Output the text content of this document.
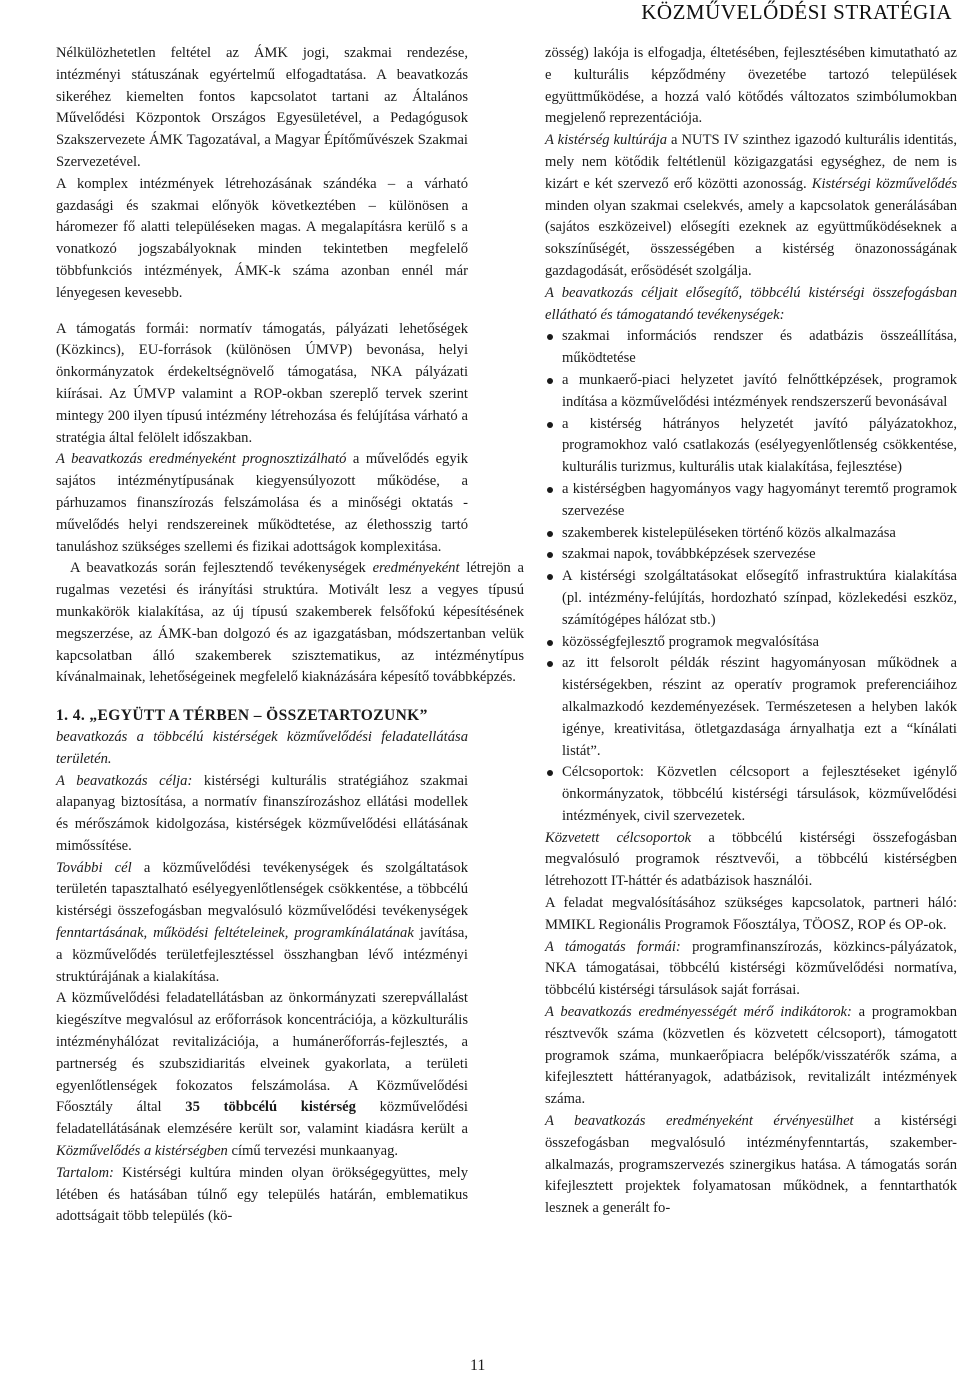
KÖZMŰVELŐDÉSI STRATÉGIA

Nélkülözhetetlen feltétel az ÁMK jogi, szakmai rendezése, intézményi státuszának egyértelmű elfogadtatása. A beavatkozás sikeréhez kiemelten fontos kapcsolatot tartani az Általános Művelődési Központok Országos Egyesületével, a Pedagógusok Szakszervezete ÁMK Tagozatával, a Magyar Építőművészek Szakmai Szervezetével.

A komplex intézmények létrehozásának szándéka – a várható gazdasági és szakmai előnyök következtében – különösen a háromezer fő alatti településeken magas. A megalapításra kerülő s a vonatkozó jogszabályoknak minden tekintetben megfelelő többfunkciós intézmények, ÁMK-k száma azonban ennél már lényegesen kevesebb.

A támogatás formái: normatív támogatás, pályázati lehetőségek (Közkincs), EU-források (különösen ÚMVP) bevonása, helyi önkormányzatok érdekeltségnövelő támogatása, NKA pályázati kiírásai. Az ÚMVP valamint a ROP-okban szereplő tervek szerint mintegy 200 ilyen típusú intézmény létrehozása és felújítása várható a stratégia által felölelt időszakban.

A beavatkozás eredményeként prognosztizálható a művelődés egyik sajátos intézménytípusának kiegyensúlyozott működése, a párhuzamos finanszírozás felszámolása és a minőségi oktatás - művelődés helyi rendszereinek működtetése, az élethosszig tartó tanuláshoz szükséges szellemi és fizikai adottságok komplexitása.

A beavatkozás során fejlesztendő tevékenységek eredményeként létrejön a rugalmas vezetési és irányítási struktúra. Motivált lesz a vegyes típusú munkakörök kialakítása, az új típusú szakemberek felsőfokú képesítésének megszerzése, az ÁMK-ban dolgozó és az igazgatásban, módszertanban velük kapcsolatban álló szakemberek szisztematikus, az intézménytípus kívánalmainak, lehetőségeinek megfelelő kiaknázására képesítő továbbképzés.

1. 4. „EGYÜTT A TÉRBEN – ÖSSZETARTOZUNK”

beavatkozás a többcélú kistérségek közművelődési feladatellátása területén.

A beavatkozás célja: kistérségi kulturális stratégiához szakmai alapanyag biztosítása, a normatív finanszírozáshoz ellátási modellek és mérőszámok kidolgozása, kistérségek közművelődési ellátásának mimőssítése.

További cél a közművelődési tevékenységek és szolgáltatások területén tapasztalható esélyegyenlőtlenségek csökkentése, a többcélú kistérségi összefogásban megvalósuló közművelődési tevékenységek fenntartásának, működési feltételeinek, programkínálatának javítása, a közművelődés területfejlesztéssel összhangban lévő intézményi struktúrájának a kialakítása.

A közművelődési feladatellátásban az önkormányzati szerepvállalást kiegészítve megvalósul az erőforrások koncentrációja, a közkulturális intézményhálózat revitalizációja, a humánerőforrás-fejlesztés, a partnerség és szubszidiaritás elveinek gyakorlata, a területi egyenlőtlenségek fokozatos felszámolása. A Közművelődési Főosztály által 35 többcélú kistérség közművelődési feladatellátásának elemzésére került sor, valamint kiadásra került a Közművelődés a kistérségben című tervezési munkaanyag.

Tartalom: Kistérségi kultúra minden olyan örökségegyüttes, mely létében és hatásában túlnő egy település határán, emblematikus adottságait több település (kö-

zösség) lakója is elfogadja, éltetésében, fejlesztésében kimutatható az e kulturális képződmény övezetébe tartozó települések együttműködése, a hozzá való kötődés változatos szimbólumokban megjelenő reprezentációja.

A kistérség kultúrája a NUTS IV szinthez igazodó kulturális identitás, mely nem kötődik feltétlenül közigazgatási egységhez, de nem is kizárt e két szervező erő közötti azonosság. Kistérségi közművelődés minden olyan szakmai cselekvés, amely a kapcsolatok generálásában (sajátos eszközeivel) elősegíti ezeknek az együttműködéseknek a sokszínűségét, összességében a kistérség önazonosságának gazdagodását, erősödését szolgálja.

A beavatkozás céljait elősegítő, többcélú kistérségi összefogásban ellátható és támogatandó tevékenységek:

szakmai információs rendszer és adatbázis összeállítása, működtetése
a munkaerő-piaci helyzetet javító felnőttképzések, programok indítása a közművelődési intézmények rendszerszerű bevonásával
a kistérség hátrányos helyzetét javító pályázatokhoz, programokhoz való csatlakozás (esélyegyenlőtlenség csökkentése, kulturális turizmus, kulturális utak kialakítása, fejlesztése)
a kistérségben hagyományos vagy hagyományt teremtő programok szervezése
szakemberek kistelepüléseken történő közös alkalmazása
szakmai napok, továbbképzések szervezése
A kistérségi szolgáltatásokat elősegítő infrastruktúra kialakítása (pl. intézmény-felújítás, hordozható színpad, közlekedési eszköz, számítógépes hálózat stb.)
közösségfejlesztő programok megvalósítása
az itt felsorolt példák részint hagyományosan működnek a kistérségekben, részint az operatív programok preferenciáihoz alkalmazkodó kezdeményezések. Természetesen a helyben lakók igénye, kreativitása, ötletgazdasága árnyalhatja ezt a “kínálati listát”.
Célcsoportok: Közvetlen célcsoport a fejlesztéseket igénylő önkormányzatok, többcélú kistérségi társulások, közművelődési intézmények, civil szervezetek.

Közvetett célcsoportok a többcélú kistérségi összefogásban megvalósuló programok résztvevői, a többcélú kistérségben létrehozott IT-háttér és adatbázisok használói.

A feladat megvalósításához szükséges kapcsolatok, partneri háló: MMIKL Regionális Programok Főosztálya, TÖOSZ, ROP és OP-ok.

A támogatás formái: programfinanszírozás, közkincs-pályázatok, NKA támogatásai, többcélú kistérségi közművelődési normatíva, többcélú kistérségi társulások saját forrásai.

A beavatkozás eredményességét mérő indikátorok: a programokban résztvevők száma (közvetlen és közvetett célcsoport), támogatott programok száma, munkaerőpiacra belépők/visszatérők száma, a kifejlesztett háttéranyagok, adatbázisok, revitalizált intézmények száma.

A beavatkozás eredményeként érvényesülhet a kistérségi összefogásban megvalósuló intézményfenntartás, szakember-alkalmazás, programszervezés szinergikus hatása. A támogatás során kifejlesztett projektek folyamatosan működnek, a fenntarthatók lesznek a generált fo-

11
